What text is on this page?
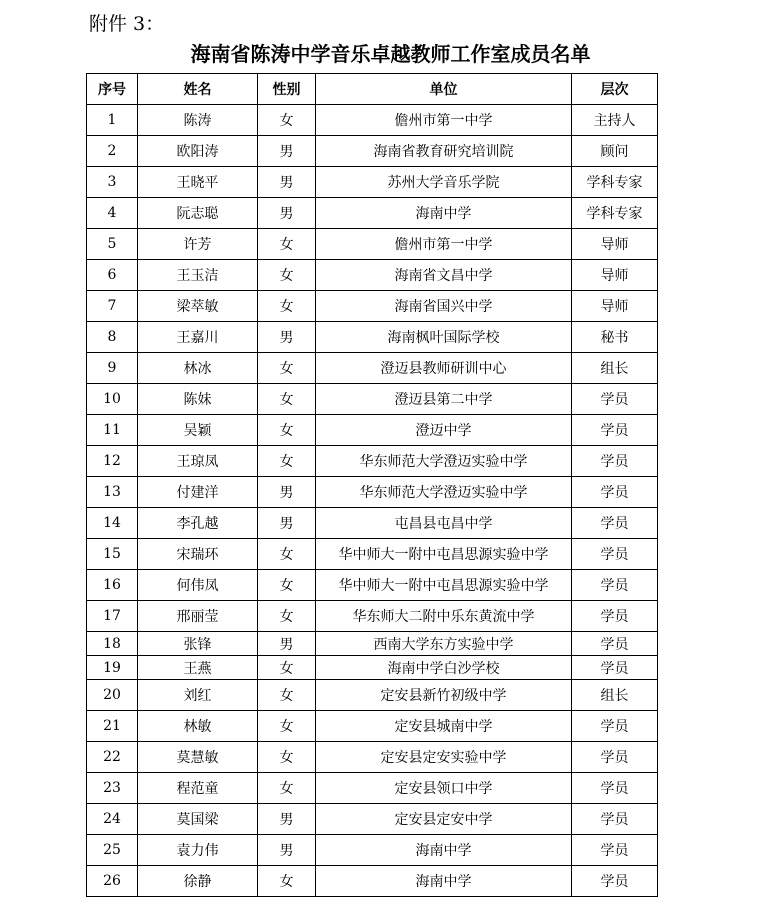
附件 3：
海南省陈涛中学音乐卓越教师工作室成员名单
序号	姓名	性别	单位	层次
1	陈涛	女	儋州市第一中学	主持人
2	欧阳涛	男	海南省教育研究培训院	顾问
3	王晓平	男	苏州大学音乐学院	学科专家
4	阮志聪	男	海南中学	学科专家
5	许芳	女	儋州市第一中学	导师
6	王玉洁	女	海南省文昌中学	导师
7	梁萃敏	女	海南省国兴中学	导师
8	王嘉川	男	海南枫叶国际学校	秘书
9	林冰	女	澄迈县教师研训中心	组长
10	陈妹	女	澄迈县第二中学	学员
11	吴颖	女	澄迈中学	学员
12	王琼凤	女	华东师范大学澄迈实验中学	学员
13	付建洋	男	华东师范大学澄迈实验中学	学员
14	李孔越	男	屯昌县屯昌中学	学员
15	宋瑞环	女	华中师大一附中屯昌思源实验中学	学员
16	何伟凤	女	华中师大一附中屯昌思源实验中学	学员
17	邢丽莹	女	华东师大二附中乐东黄流中学	学员
18	张锋	男	西南大学东方实验中学	学员
19	王燕	女	海南中学白沙学校	学员
20	刘红	女	定安县新竹初级中学	组长
21	林敏	女	定安县城南中学	学员
22	莫慧敏	女	定安县定安实验中学	学员
23	程范童	女	定安县领口中学	学员
24	莫国梁	男	定安县定安中学	学员
25	袁力伟	男	海南中学	学员
26	徐静	女	海南中学	学员
